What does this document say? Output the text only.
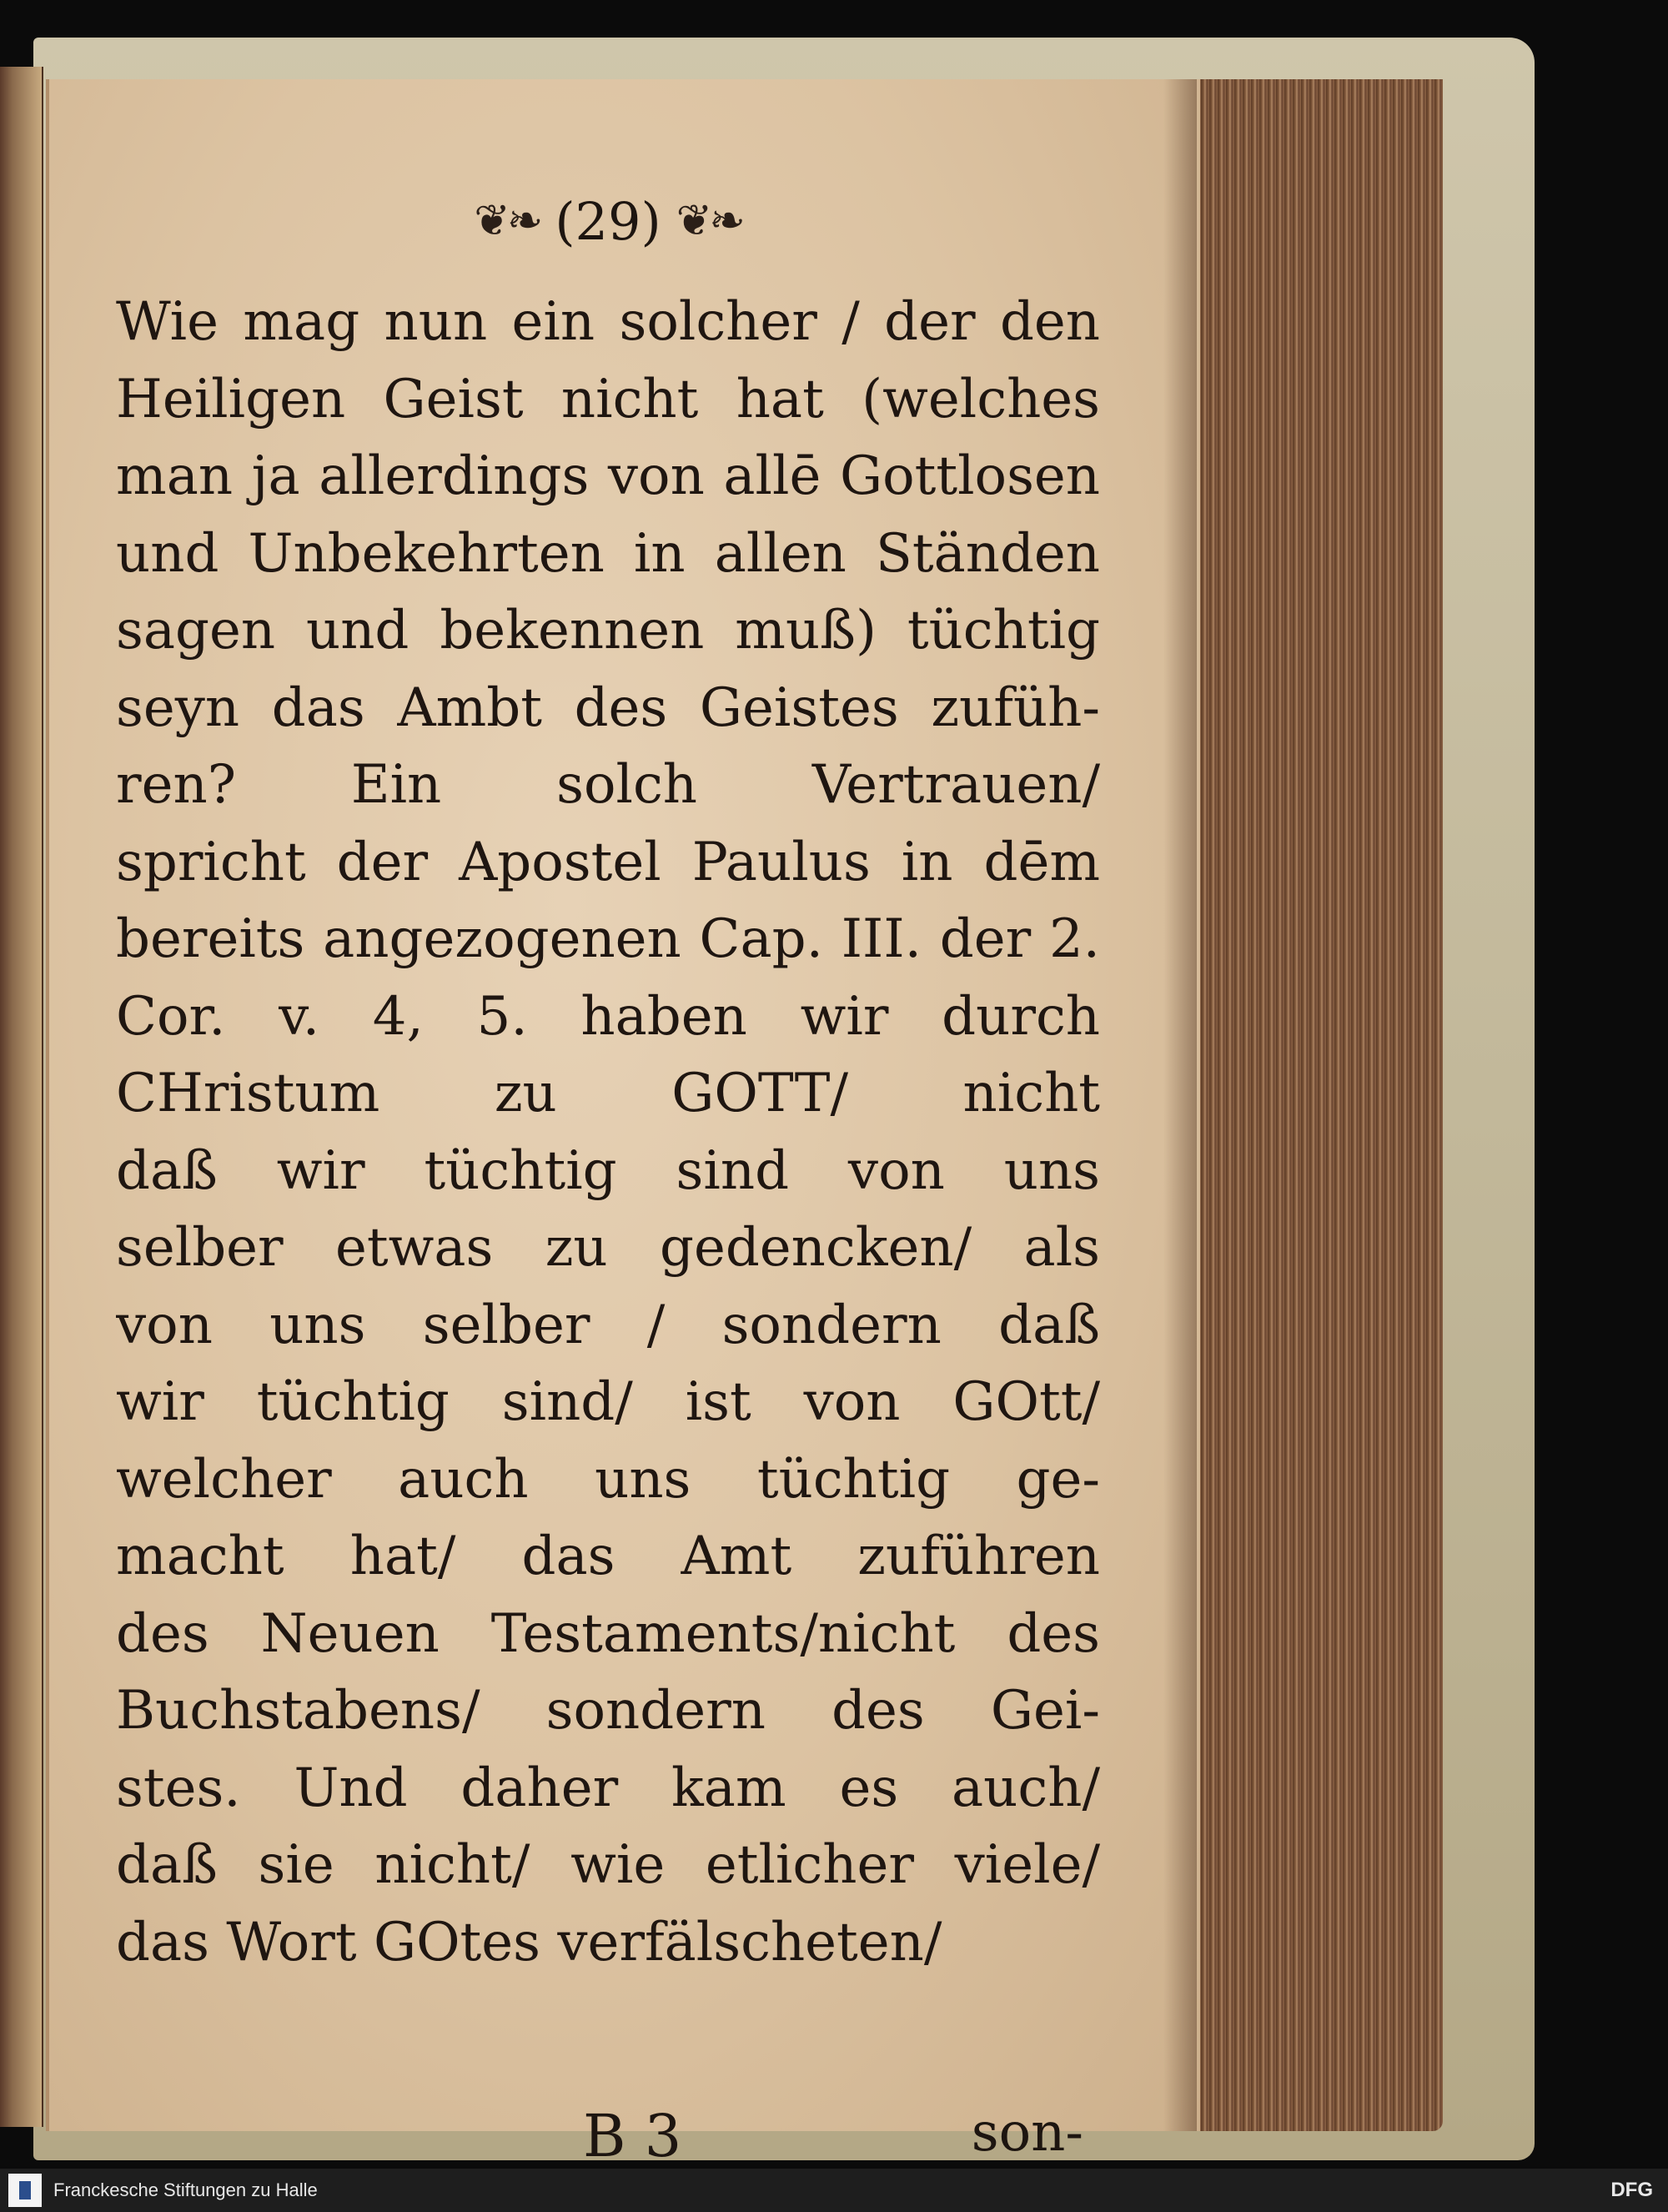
❦❧ (29) ❦❧
Wie mag nun ein solcher / der den
Heiligen Geist nicht hat (welches
man ja allerdings von allē Gottlosen
und Unbekehrten in allen Ständen
sagen und bekennen muß) tüchtig
seyn das Ambt des Geistes zufüh-
ren? Ein solch Vertrauen/
spricht der Apostel Paulus in dēm
bereits angezogenen Cap. III. der 2.
Cor. v. 4, 5. haben wir durch
CHristum zu GOTT/ nicht
daß wir tüchtig sind von uns
selber etwas zu gedencken/ als
von uns selber / sondern daß
wir tüchtig sind/ ist von GOtt/
welcher auch uns tüchtig ge-
macht hat/ das Amt zuführen
des Neuen Testaments/nicht des
Buchstabens/ sondern des Gei-
stes. Und daher kam es auch/
daß sie nicht/ wie etlicher viele/
das Wort GOtes verfälscheten/
B 3	son-
Franckesche Stiftungen zu Halle	DFG
